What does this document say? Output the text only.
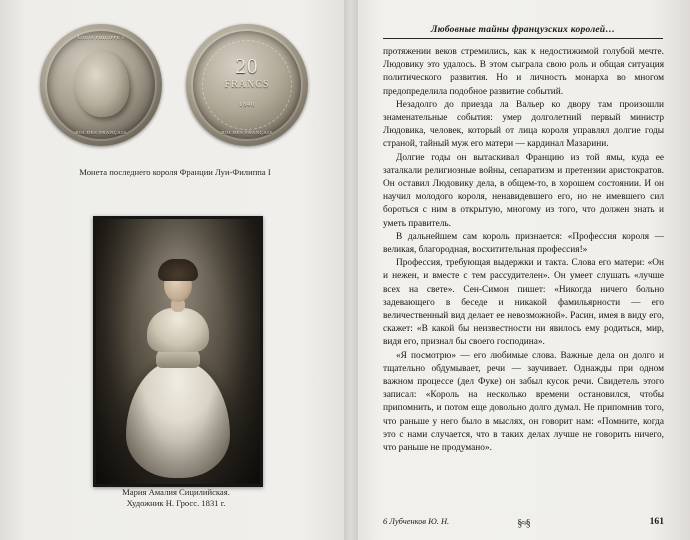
LOUIS PHILIPPE I
ROI DES FRANÇAIS
20
FRANCS
1840
ROI DES FRANÇAIS
Монета последнего короля Франции Луи-Филиппа I
Мария Амалия Сицилийская.
Художник Н. Гросс. 1831 г.
Любовные тайны французских королей…

протяжении веков стремились, как к недостижимой голубой мечте. Людовику это удалось. В этом сыграла свою роль и общая ситуация политического развития. Но и личность монарха во многом предопределила подобное развитие событий.

Незадолго до приезда ла Вальер ко двору там произошли знаменательные события: умер долголетний первый министр Людовика, человек, который от лица короля управлял долгие годы страной, тайный муж его матери — кардинал Мазарини.

Долгие годы он вытаскивал Францию из той ямы, куда ее заталкали религиозные войны, сепаратизм и претензии аристократов. Он оставил Людовику дела, в общем-то, в хорошем состоянии. И он научил молодого короля, ненавидевшего его, но не имевшего сил бороться с ним в открытую, многому из того, что должен знать и уметь правитель.

В дальнейшем сам король признается: «Профессия короля — великая, благородная, восхитительная профессия!»

Профессия, требующая выдержки и такта. Слова его матери: «Он и нежен, и вместе с тем рассудителен». Он умеет слушать «лучше всех на свете». Сен-Симон пишет: «Никогда ничего больно задевающего в беседе и никакой фамильярности — его величественный вид делает ее невозможной». Расин, имея в виду его, скажет: «В какой бы неизвестности ни явилось ему родиться, мир, видя его, признал бы своего господина».

«Я посмотрю» — его любимые слова. Важные дела он долго и тщательно обдумывает, речи — заучивает. Однажды при одном важном процессе (дел Фуке) он забыл кусок речи. Свидетель этого записал: «Король на несколько времени остановился, чтобы припомнить, и потом еще довольно долго думал. Не припомнив того, что раньше у него было в мыслях, он говорит нам: «Помните, когда это с нами случается, что в таких делах лучше не говорить ничего, что раньше не продумано».

6 Лубченков Ю. Н.	§≈§	161
